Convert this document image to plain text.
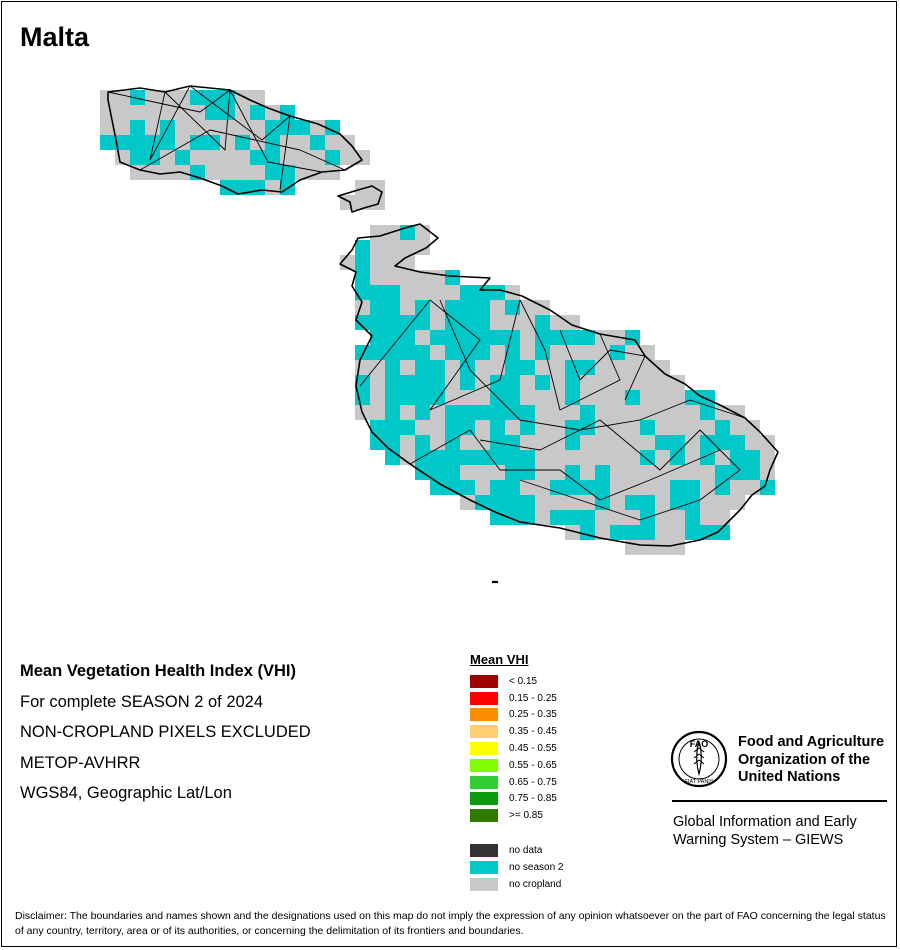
Malta
Mean Vegetation Health Index (VHI)
For complete SEASON 2 of 2024
NON-CROPLAND PIXELS EXCLUDED
METOP-AVHRR
WGS84, Geographic Lat/Lon
Mean VHI
< 0.15
0.15 - 0.25
0.25 - 0.35
0.35 - 0.45
0.45 - 0.55
0.55 - 0.65
0.65 - 0.75
0.75 - 0.85
>= 0.85
no data
no season 2
no cropland
FAO
FIAT PANIS
Food and Agriculture
Organization of the
United Nations
Global Information and Early
Warning System – GIEWS
Disclaimer: The boundaries and names shown and the designations used on this map do not imply the expression of any opinion whatsoever on the part of FAO concerning the legal status of any country, territory, area or of its authorities, or concerning the delimitation of its frontiers and boundaries.
